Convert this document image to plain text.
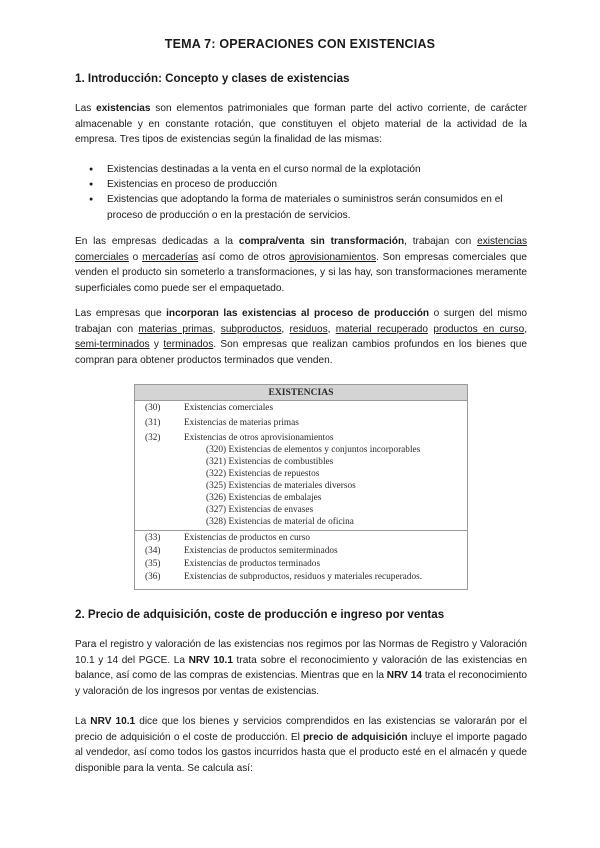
TEMA 7: OPERACIONES CON EXISTENCIAS
1. Introducción: Concepto y clases de existencias
Las existencias son elementos patrimoniales que forman parte del activo corriente, de carácter almacenable y en constante rotación, que constituyen el objeto material de la actividad de la empresa. Tres tipos de existencias según la finalidad de las mismas:
● Existencias destinadas a la venta en el curso normal de la explotación
● Existencias en proceso de producción
● Existencias que adoptando la forma de materiales o suministros serán consumidos en el proceso de producción o en la prestación de servicios.
En las empresas dedicadas a la compra/venta sin transformación, trabajan con existencias comerciales o mercaderías así como de otros aprovisionamientos. Son empresas comerciales que venden el producto sin someterlo a transformaciones, y si las hay, son transformaciones meramente superficiales como puede ser el empaquetado.
Las empresas que incorporan las existencias al proceso de producción o surgen del mismo trabajan con materias primas, subproductos, residuos, material recuperado productos en curso, semi-terminados y terminados. Son empresas que realizan cambios profundos en los bienes que compran para obtener productos terminados que venden.
EXISTENCIAS
(30)	Existencias comerciales
(31)	Existencias de materias primas
(32)	Existencias de otros aprovisionamientos
(320) Existencias de elementos y conjuntos incorporables
(321) Existencias de combustibles
(322) Existencias de repuestos
(325) Existencias de materiales diversos
(326) Existencias de embalajes
(327) Existencias de envases
(328) Existencias de material de oficina
(33)	Existencias de productos en curso
(34)	Existencias de productos semiterminados
(35)	Existencias de productos terminados
(36)	Existencias de subproductos, residuos y materiales recuperados.
2. Precio de adquisición, coste de producción e ingreso por ventas
Para el registro y valoración de las existencias nos regimos por las Normas de Registro y Valoración 10.1 y 14 del PGCE. La NRV 10.1 trata sobre el reconocimiento y valoración de las existencias en balance, así como de las compras de existencias. Mientras que en la NRV 14 trata el reconocimiento y valoración de los ingresos por ventas de existencias.
La NRV 10.1 dice que los bienes y servicios comprendidos en las existencias se valorarán por el precio de adquisición o el coste de producción. El precio de adquisición incluye el importe pagado al vendedor, así como todos los gastos incurridos hasta que el producto esté en el almacén y quede disponible para la venta. Se calcula así:
